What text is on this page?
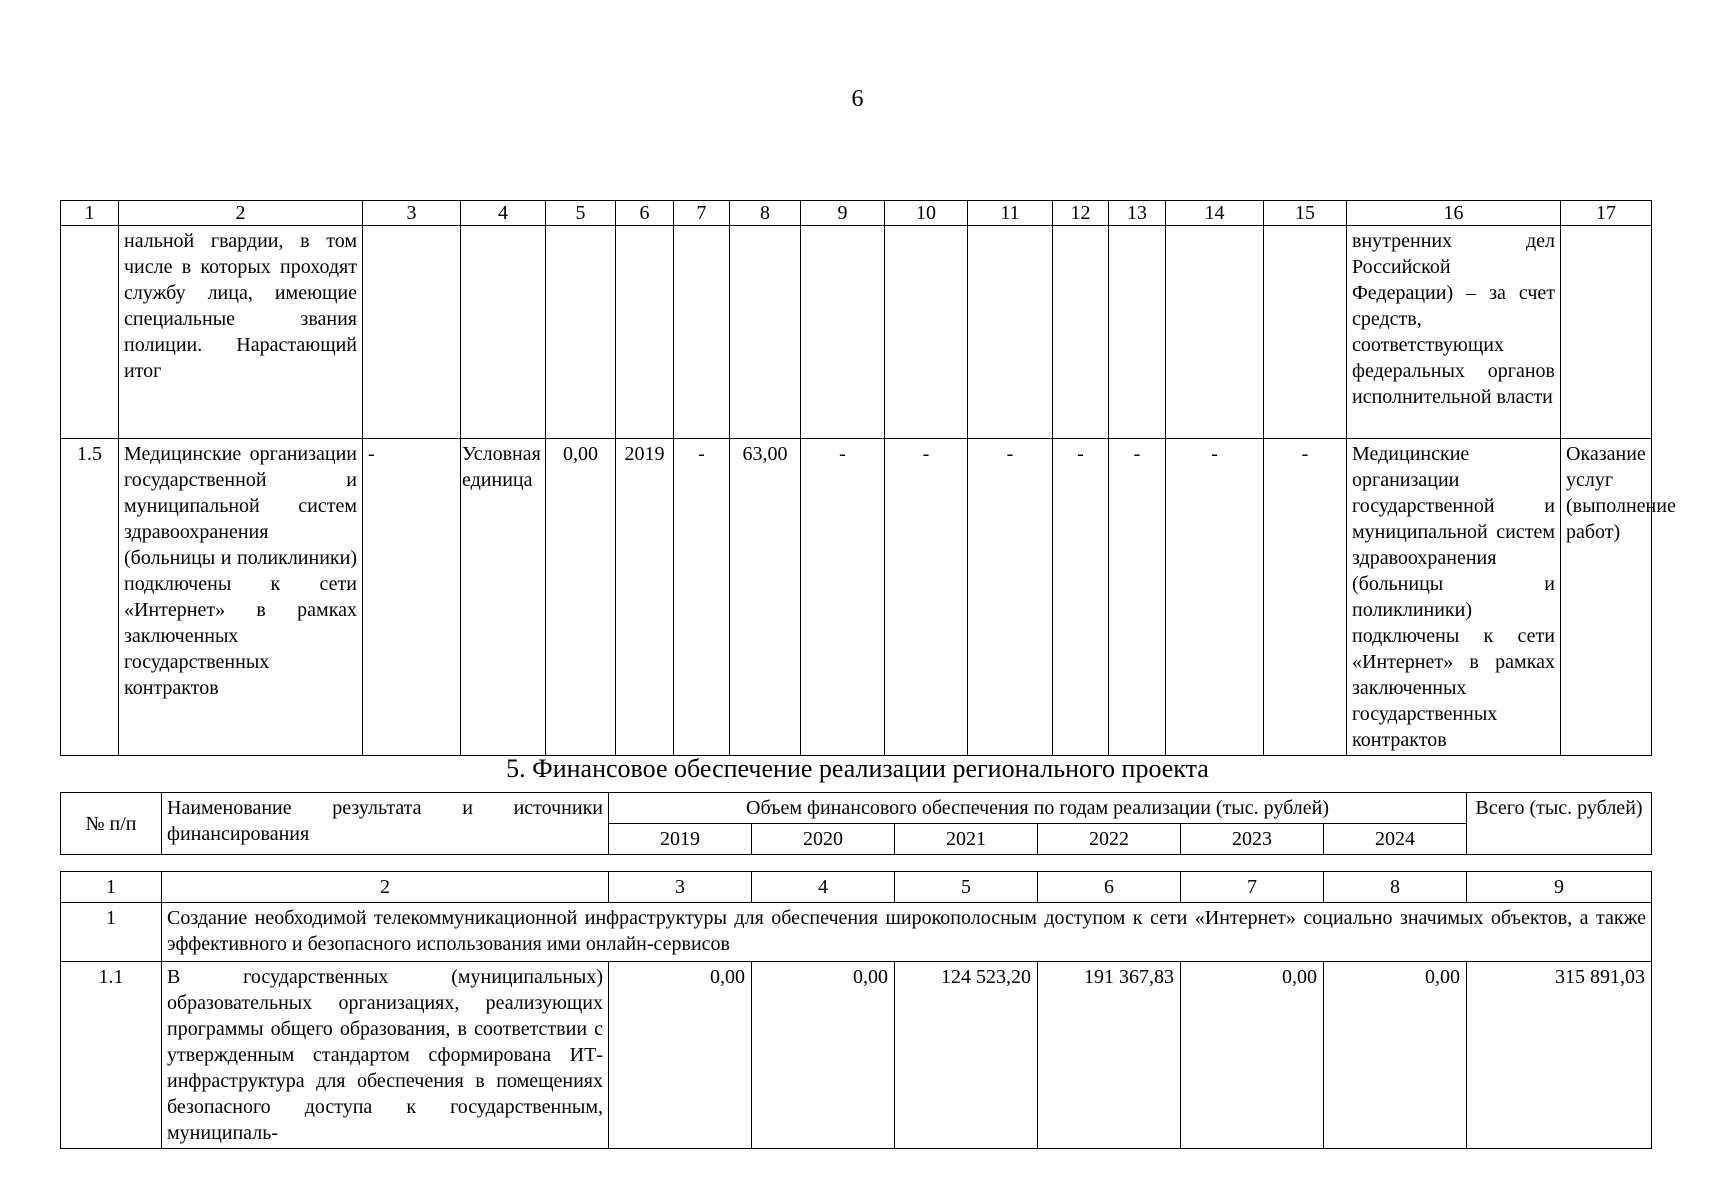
6
1	2	3	4	5	6	7	8	9	10	11	12	13	14	15	16	17
	нальной гвардии, в том числе в которых проходят службу лица, имеющие специальные звания полиции. Нарастающий итог														внутренних дел Российской Федерации) – за счет средств, соответствующих федеральных органов исполнительной власти	
1.5	Медицинские организации государственной и муниципальной систем здравоохранения (больницы и поликлиники) подключены к сети «Интернет» в рамках заключенных государственных контрактов	-	Условная единица	0,00	2019	-	63,00	-	-	-	-	-	-	-	Медицинские организации государственной и муниципальной систем здравоохранения (больницы и поликлиники) подключены к сети «Интернет» в рамках заключенных государственных контрактов	Оказание услуг (выполнение работ)
5. Финансовое обеспечение реализации регионального проекта
№ п/п	Наименование результата и источники финансирования	Объем финансового обеспечения по годам реализации (тыс. рублей)						Всего (тыс. рублей)
		2019	2020	2021	2022	2023	2024	
1	2	3	4	5	6	7	8	9
1	Создание необходимой телекоммуникационной инфраструктуры для обеспечения широкополосным доступом к сети «Интернет» социально значимых объектов, а также эффективного и безопасного использования ими онлайн-сервисов							
1.1	В государственных (муниципальных) образовательных организациях, реализующих программы общего образования, в соответствии с утвержденным стандартом сформирована ИТ-инфраструктура для обеспечения в помещениях безопасного доступа к государственным, муниципаль-	0,00	0,00	124 523,20	191 367,83	0,00	0,00	315 891,03
